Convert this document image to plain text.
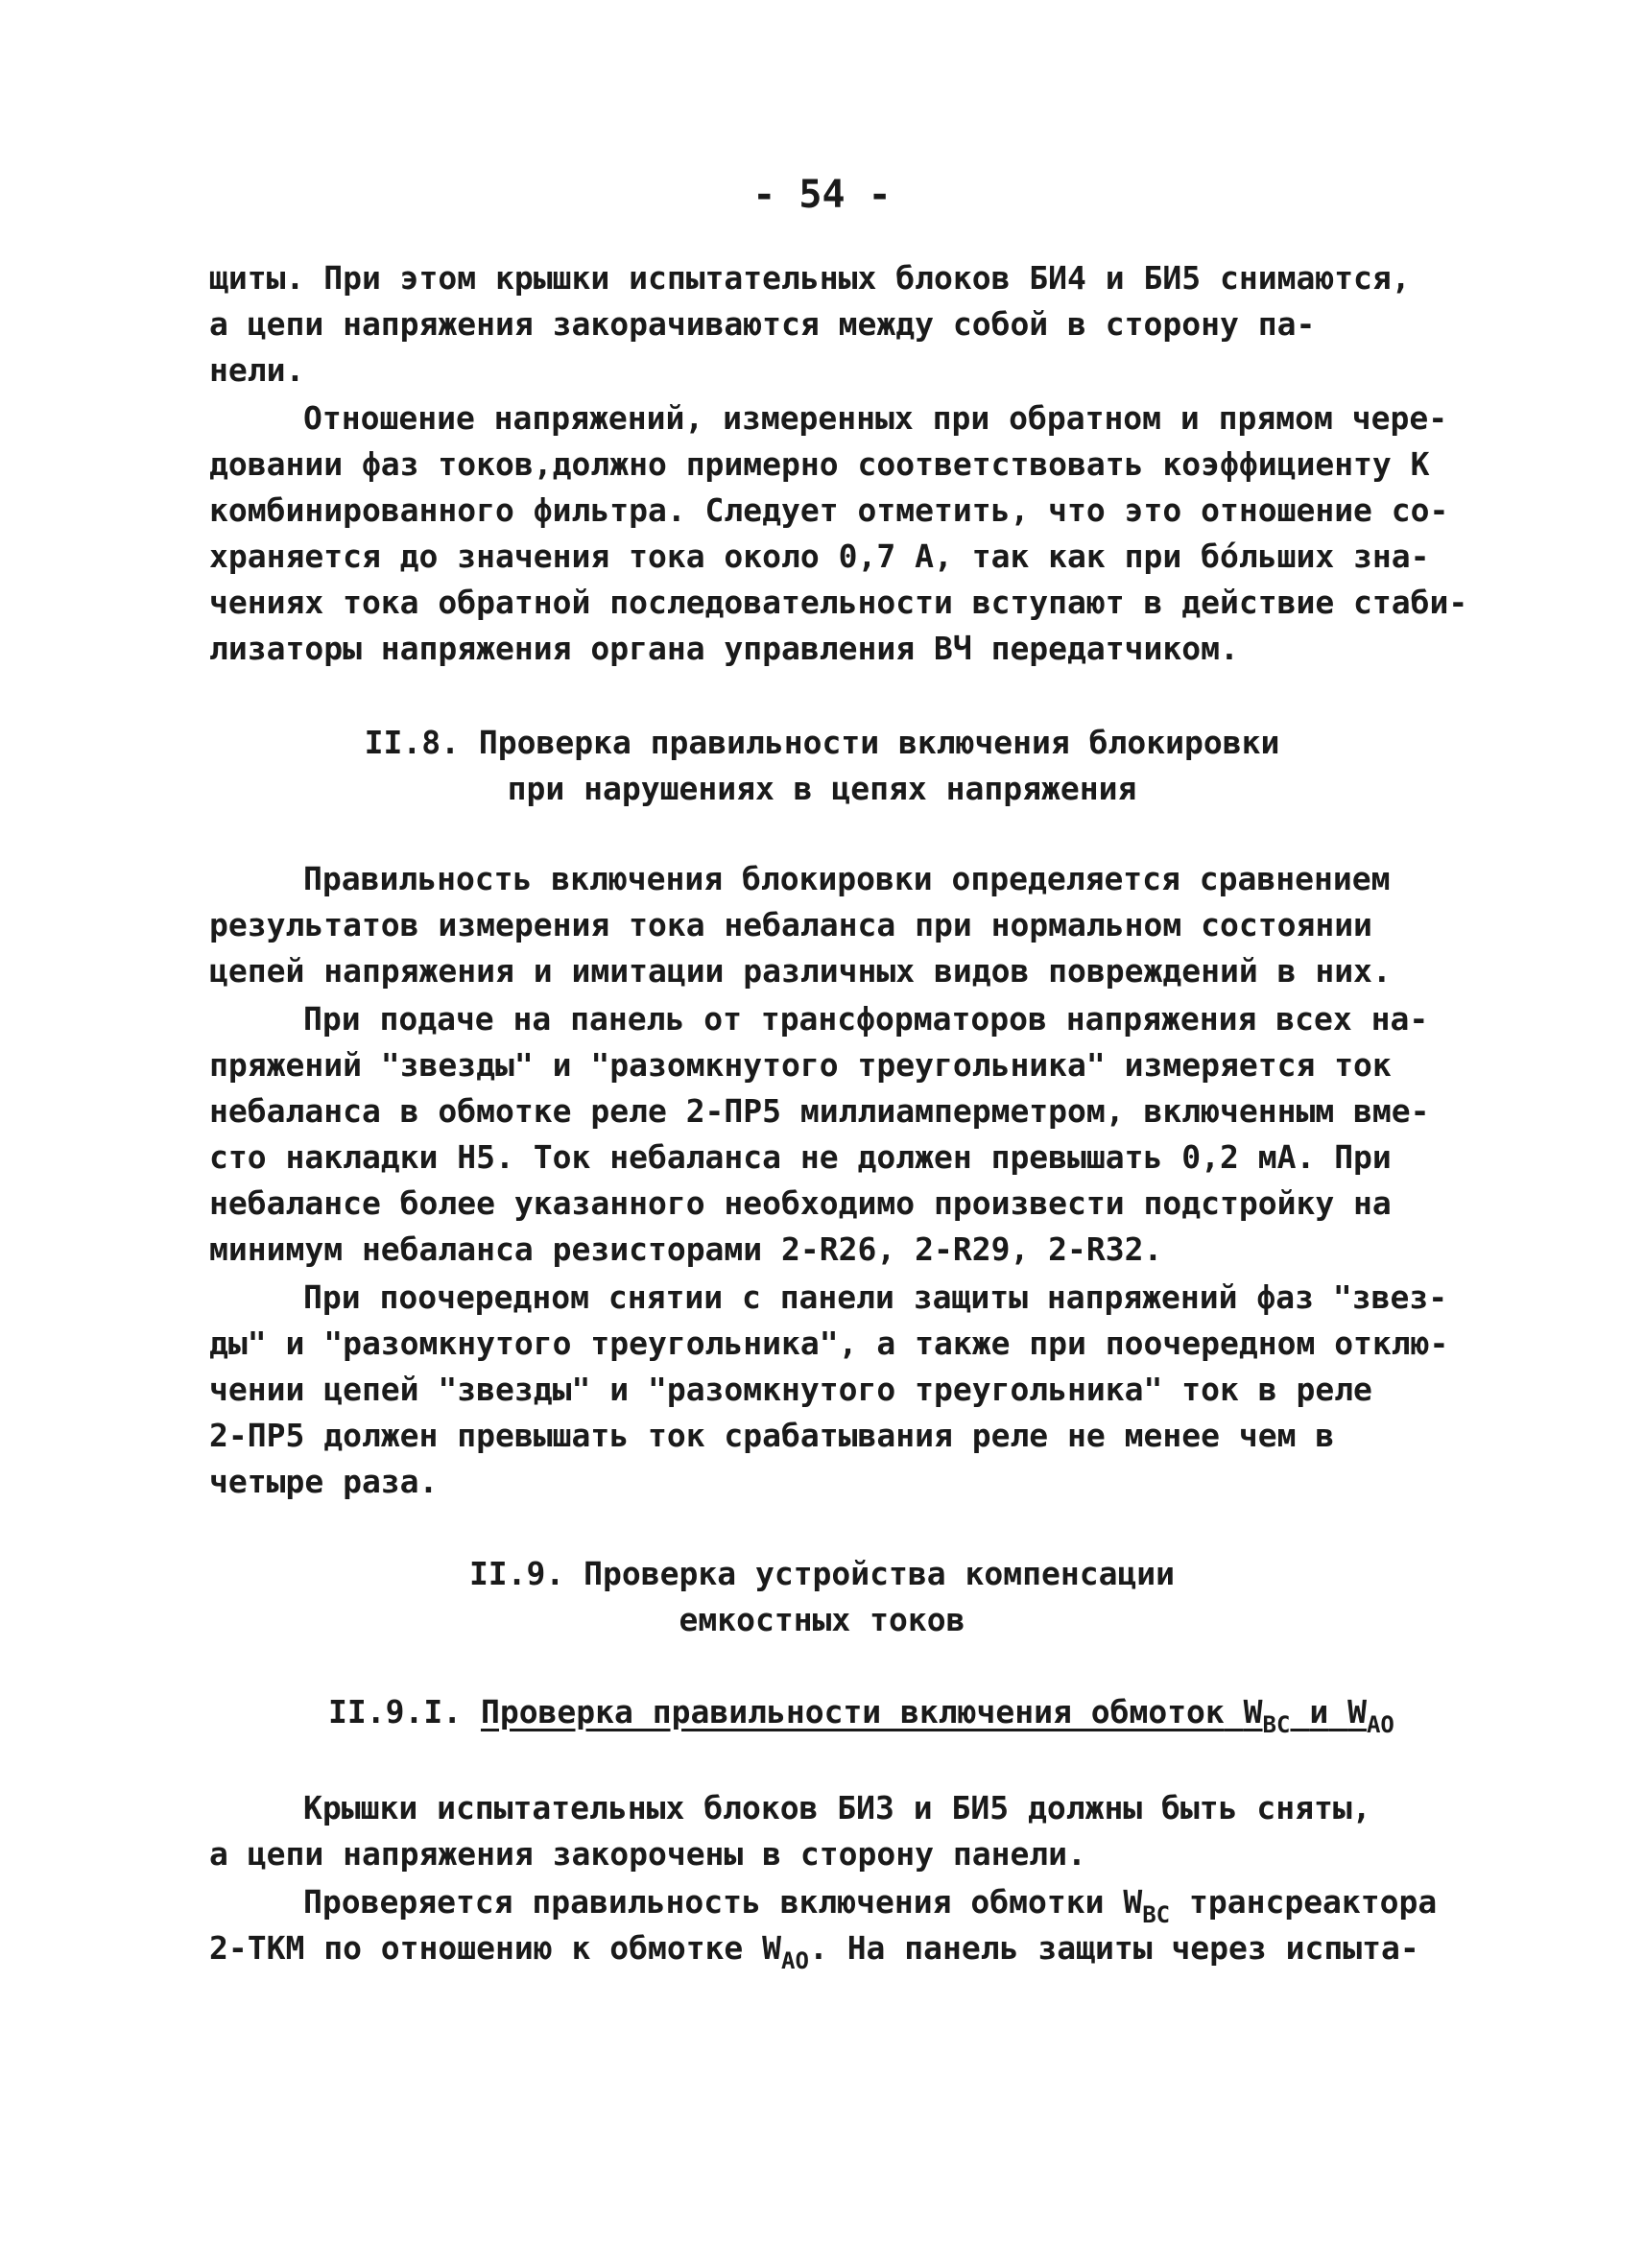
- 54 -
щиты. При этом крышки испытательных блоков БИ4 и БИ5 снимаются,
а цепи напряжения закорачиваются между собой в сторону па-
нели.
Отношение напряжений, измеренных при обратном и прямом чере-
довании фаз токов,должно примерно соответствовать коэффициенту К
комбинированного фильтра. Следует отметить, что это отношение со-
храняется до значения тока около 0,7 А, так как при бо́льших зна-
чениях тока обратной последовательности вступают в действие стаби-
лизаторы напряжения органа управления ВЧ передатчиком.
II.8. Проверка правильности включения блокировки
при нарушениях в цепях напряжения
Правильность включения блокировки определяется сравнением
результатов измерения тока небаланса при нормальном состоянии
цепей напряжения и имитации различных видов повреждений в них.
При подаче на панель от трансформаторов напряжения всех на-
пряжений "звезды" и "разомкнутого треугольника" измеряется ток
небаланса в обмотке реле 2-ПР5 миллиамперметром, включенным вме-
сто накладки Н5. Ток небаланса не должен превышать 0,2 мА. При
небалансе более указанного необходимо произвести подстройку на
минимум небаланса резисторами 2-R26, 2-R29, 2-R32.
При поочередном снятии с панели защиты напряжений фаз "звез-
ды" и "разомкнутого треугольника", а также при поочередном отклю-
чении цепей "звезды" и "разомкнутого треугольника" ток в реле
2-ПР5 должен превышать ток срабатывания реле не менее чем в
четыре раза.
II.9. Проверка устройства компенсации
емкостных токов
II.9.I. Проверка правильности включения обмоток $W_{BC}$ и $W_{AO}$
Крышки испытательных блоков БИ3 и БИ5 должны быть сняты,
а цепи напряжения закорочены в сторону панели.
Проверяется правильность включения обмотки $W_{BC}$ трансреактора
2-ТКМ по отношению к обмотке $W_{AO}$. На панель защиты через испыта-
